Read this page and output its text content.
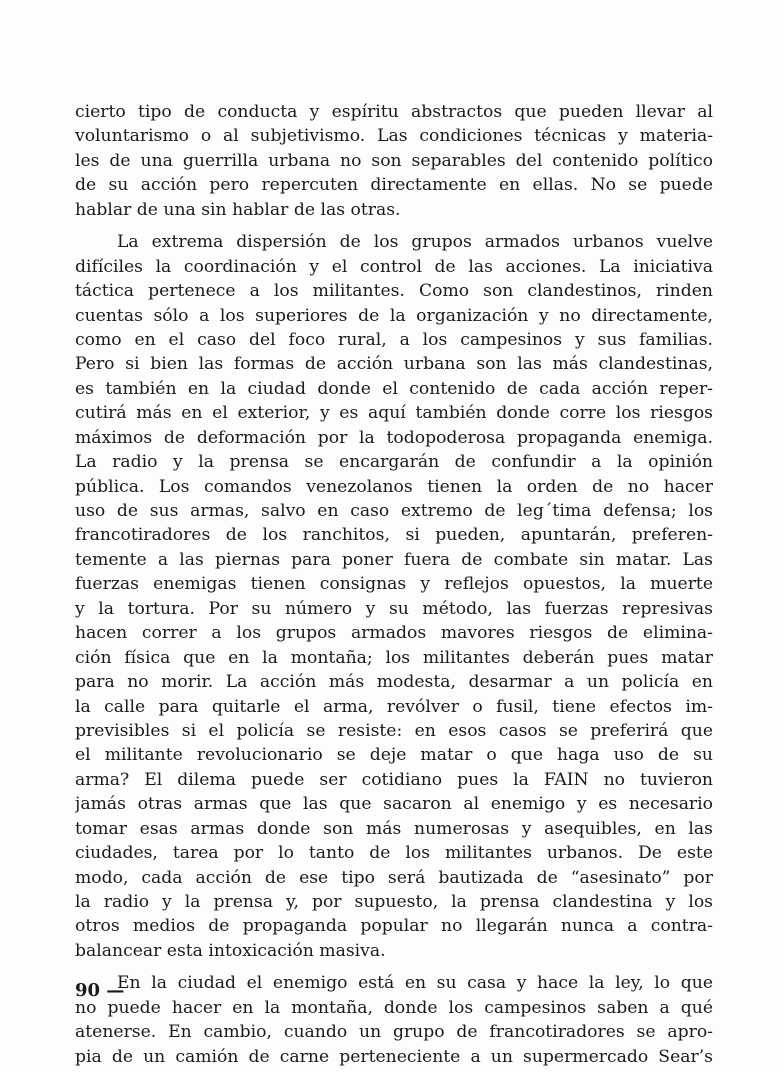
cierto tipo de conducta y espíritu abstractos que pueden llevar al
voluntarismo o al subjetivismo. Las condiciones técnicas y materia-
les de una guerrilla urbana no son separables del contenido político
de su acción pero repercuten directamente en ellas. No se puede
hablar de una sin hablar de las otras.
La extrema dispersión de los grupos armados urbanos vuelve
difíciles la coordinación y el control de las acciones. La iniciativa
táctica pertenece a los militantes. Como son clandestinos, rinden
cuentas sólo a los superiores de la organización y no directamente,
como en el caso del foco rural, a los campesinos y sus familias.
Pero si bien las formas de acción urbana son las más clandestinas,
es también en la ciudad donde el contenido de cada acción reper-
cutirá más en el exterior, y es aquí también donde corre los riesgos
máximos de deformación por la todopoderosa propaganda enemiga.
La radio y la prensa se encargarán de confundir a la opinión
pública. Los comandos venezolanos tienen la orden de no hacer
uso de sus armas, salvo en caso extremo de leg´tima defensa; los
francotiradores de los ranchitos, si pueden, apuntarán, preferen-
temente a las piernas para poner fuera de combate sin matar. Las
fuerzas enemigas tienen consignas y reflejos opuestos, la muerte
y la tortura. Por su número y su método, las fuerzas represivas
hacen correr a los grupos armados mavores riesgos de elimina-
ción física que en la montaña; los militantes deberán pues matar
para no morir. La acción más modesta, desarmar a un policía en
la calle para quitarle el arma, revólver o fusil, tiene efectos im-
previsibles si el policía se resiste: en esos casos se preferirá que
el militante revolucionario se deje matar o que haga uso de su
arma? El dilema puede ser cotidiano pues la FAIN no tuvieron
jamás otras armas que las que sacaron al enemigo y es necesario
tomar esas armas donde son más numerosas y asequibles, en las
ciudades, tarea por lo tanto de los militantes urbanos. De este
modo, cada acción de ese tipo será bautizada de “asesinato” por
la radio y la prensa y, por supuesto, la prensa clandestina y los
otros medios de propaganda popular no llegarán nunca a contra-
balancear esta intoxicación masiva.
En la ciudad el enemigo está en su casa y hace la ley, lo que
no puede hacer en la montaña, donde los campesinos saben a qué
atenerse. En cambio, cuando un grupo de francotiradores se apro-
pia de un camión de carne perteneciente a un supermercado Sear’s
90 —
